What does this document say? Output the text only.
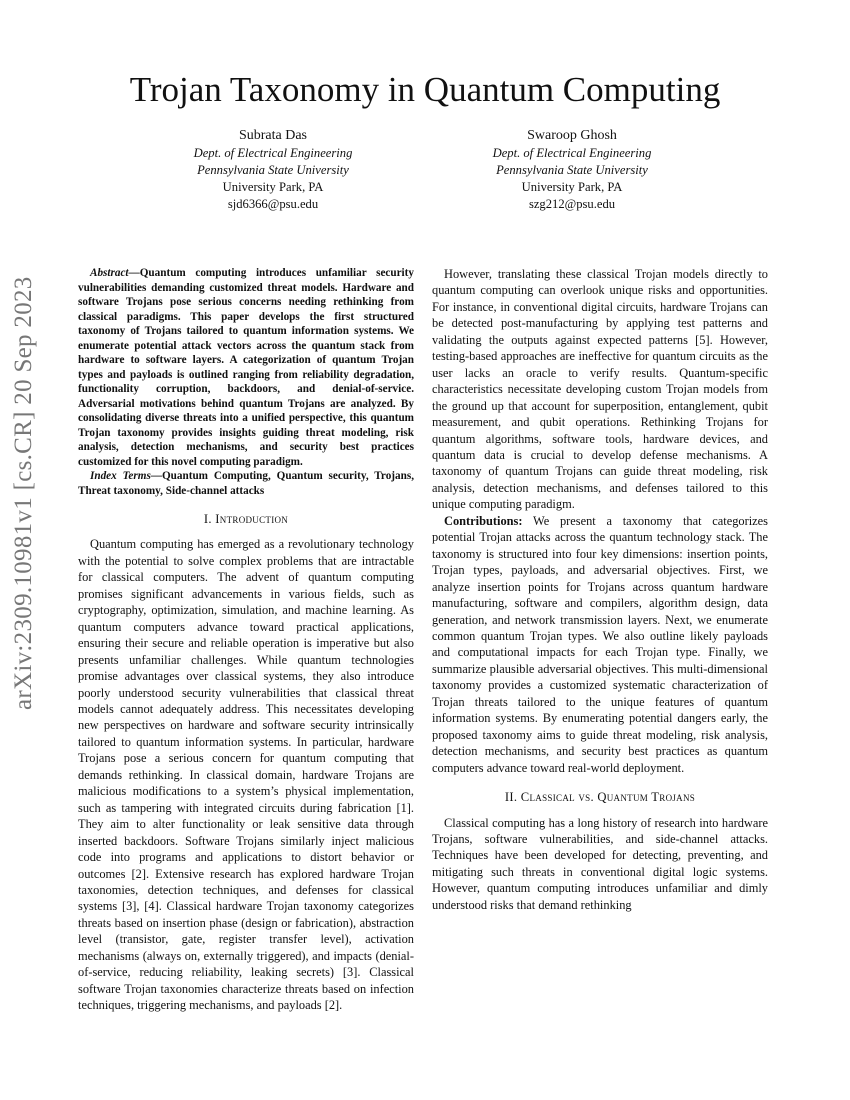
Trojan Taxonomy in Quantum Computing
Subrata Das
Dept. of Electrical Engineering
Pennsylvania State University
University Park, PA
sjd6366@psu.edu
Swaroop Ghosh
Dept. of Electrical Engineering
Pennsylvania State University
University Park, PA
szg212@psu.edu
arXiv:2309.10981v1 [cs.CR] 20 Sep 2023

Abstract—Quantum computing introduces unfamiliar security vulnerabilities demanding customized threat models. Hardware and software Trojans pose serious concerns needing rethinking from classical paradigms. This paper develops the first structured taxonomy of Trojans tailored to quantum information systems. We enumerate potential attack vectors across the quantum stack from hardware to software layers. A categorization of quantum Trojan types and payloads is outlined ranging from reliability degradation, functionality corruption, backdoors, and denial-of-service. Adversarial motivations behind quantum Trojans are analyzed. By consolidating diverse threats into a unified perspective, this quantum Trojan taxonomy provides insights guiding threat modeling, risk analysis, detection mechanisms, and security best practices customized for this novel computing paradigm.

Index Terms—Quantum Computing, Quantum security, Trojans, Threat taxonomy, Side-channel attacks

I. Introduction

Quantum computing has emerged as a revolutionary technology with the potential to solve complex problems that are intractable for classical computers. The advent of quantum computing promises significant advancements in various fields, such as cryptography, optimization, simulation, and machine learning. As quantum computers advance toward practical applications, ensuring their secure and reliable operation is imperative but also presents unfamiliar challenges. While quantum technologies promise advantages over classical systems, they also introduce poorly understood security vulnerabilities that classical threat models cannot adequately address. This necessitates developing new perspectives on hardware and software security intrinsically tailored to quantum information systems. In particular, hardware Trojans pose a serious concern for quantum computing that demands rethinking. In classical domain, hardware Trojans are malicious modifications to a system’s physical implementation, such as tampering with integrated circuits during fabrication [1]. They aim to alter functionality or leak sensitive data through inserted backdoors. Software Trojans similarly inject malicious code into programs and applications to distort behavior or outcomes [2]. Extensive research has explored hardware Trojan taxonomies, detection techniques, and defenses for classical systems [3], [4]. Classical hardware Trojan taxonomy categorizes threats based on insertion phase (design or fabrication), abstraction level (transistor, gate, register transfer level), activation mechanisms (always on, externally triggered), and impacts (denial-of-service, reducing reliability, leaking secrets) [3]. Classical software Trojan taxonomies characterize threats based on infection techniques, triggering mechanisms, and payloads [2].

However, translating these classical Trojan models directly to quantum computing can overlook unique risks and opportunities. For instance, in conventional digital circuits, hardware Trojans can be detected post-manufacturing by applying test patterns and validating the outputs against expected patterns [5]. However, testing-based approaches are ineffective for quantum circuits as the user lacks an oracle to verify results. Quantum-specific characteristics necessitate developing custom Trojan models from the ground up that account for superposition, entanglement, qubit measurement, and qubit operations. Rethinking Trojans for quantum algorithms, software tools, hardware devices, and quantum data is crucial to develop defense mechanisms. A taxonomy of quantum Trojans can guide threat modeling, risk analysis, detection mechanisms, and defenses tailored to this unique computing paradigm.

Contributions: We present a taxonomy that categorizes potential Trojan attacks across the quantum technology stack. The taxonomy is structured into four key dimensions: insertion points, Trojan types, payloads, and adversarial objectives. First, we analyze insertion points for Trojans across quantum hardware manufacturing, software and compilers, algorithm design, data generation, and network transmission layers. Next, we enumerate common quantum Trojan types. We also outline likely payloads and computational impacts for each Trojan type. Finally, we summarize plausible adversarial objectives. This multi-dimensional taxonomy provides a customized systematic characterization of Trojan threats tailored to the unique features of quantum information systems. By enumerating potential dangers early, the proposed taxonomy aims to guide threat modeling, risk analysis, detection mechanisms, and security best practices as quantum computers advance toward real-world deployment.

II. Classical vs. Quantum Trojans

Classical computing has a long history of research into hardware Trojans, software vulnerabilities, and side-channel attacks. Techniques have been developed for detecting, preventing, and mitigating such threats in conventional digital logic systems. However, quantum computing introduces unfamiliar and dimly understood risks that demand rethinking
